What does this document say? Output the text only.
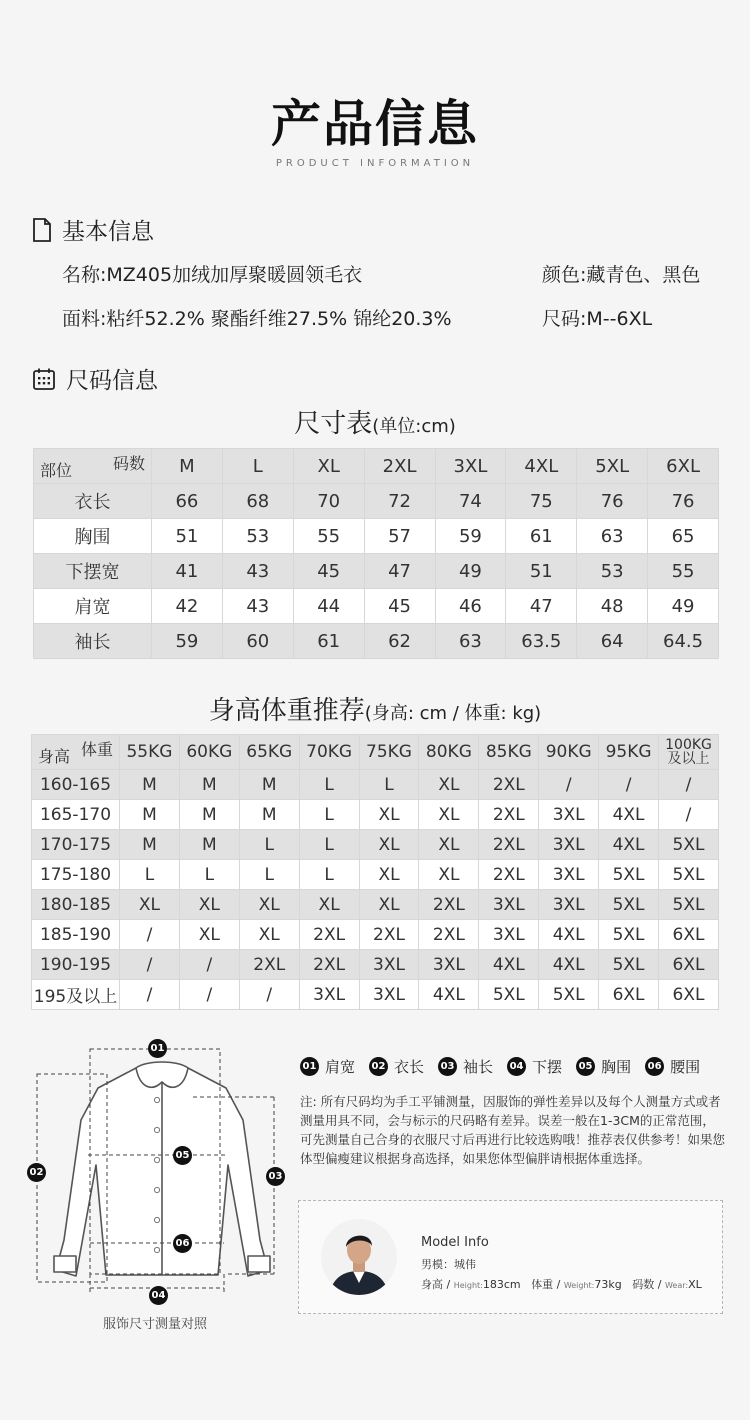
产品信息
PRODUCT INFORMATION
基本信息
名称:MZ405加绒加厚聚暖圆领毛衣	颜色:藏青色、黑色
面料:粘纤52.2% 聚酯纤维27.5% 锦纶20.3%	尺码:M--6XL
尺码信息
尺寸表(单位:cm)
码数
部位	M	L	XL	2XL	3XL	4XL	5XL	6XL
衣长	66	68	70	72	74	75	76	76
胸围	51	53	55	57	59	61	63	65
下摆宽	41	43	45	47	49	51	53	55
肩宽	42	43	44	45	46	47	48	49
袖长	59	60	61	62	63	63.5	64	64.5
身高体重推荐(身高: cm / 体重: kg)
体重
身高	55KG	60KG	65KG	70KG	75KG	80KG	85KG	90KG	95KG	100KG及以上
160-165	M	M	M	L	L	XL	2XL	/	/	/
165-170	M	M	M	L	XL	XL	2XL	3XL	4XL	/
170-175	M	M	L	L	XL	XL	2XL	3XL	4XL	5XL
175-180	L	L	L	L	XL	XL	2XL	3XL	5XL	5XL
180-185	XL	XL	XL	XL	XL	2XL	3XL	3XL	5XL	5XL
185-190	/	XL	XL	2XL	2XL	2XL	3XL	4XL	5XL	6XL
190-195	/	/	2XL	2XL	3XL	3XL	4XL	4XL	5XL	6XL
195及以上	/	/	/	3XL	3XL	4XL	5XL	5XL	6XL	6XL
服饰尺寸测量对照
01 肩宽 02 衣长 03 袖长 04 下摆 05 胸围 06 腰围
注: 所有尺码均为手工平铺测量，因服饰的弹性差异以及每个人测量方式或者测量用具不同，会与标示的尺码略有差异。误差一般在1-3CM的正常范围，可先测量自己合身的衣服尺寸后再进行比较选购哦！推荐表仅供参考！如果您体型偏瘦建议根据身高选择，如果您体型偏胖请根据体重选择。
Model Info
男模：城伟
身高 / Height:183cm 体重 / Weight:73kg 码数 / Wear:XL
01
02	03
04
05
06
